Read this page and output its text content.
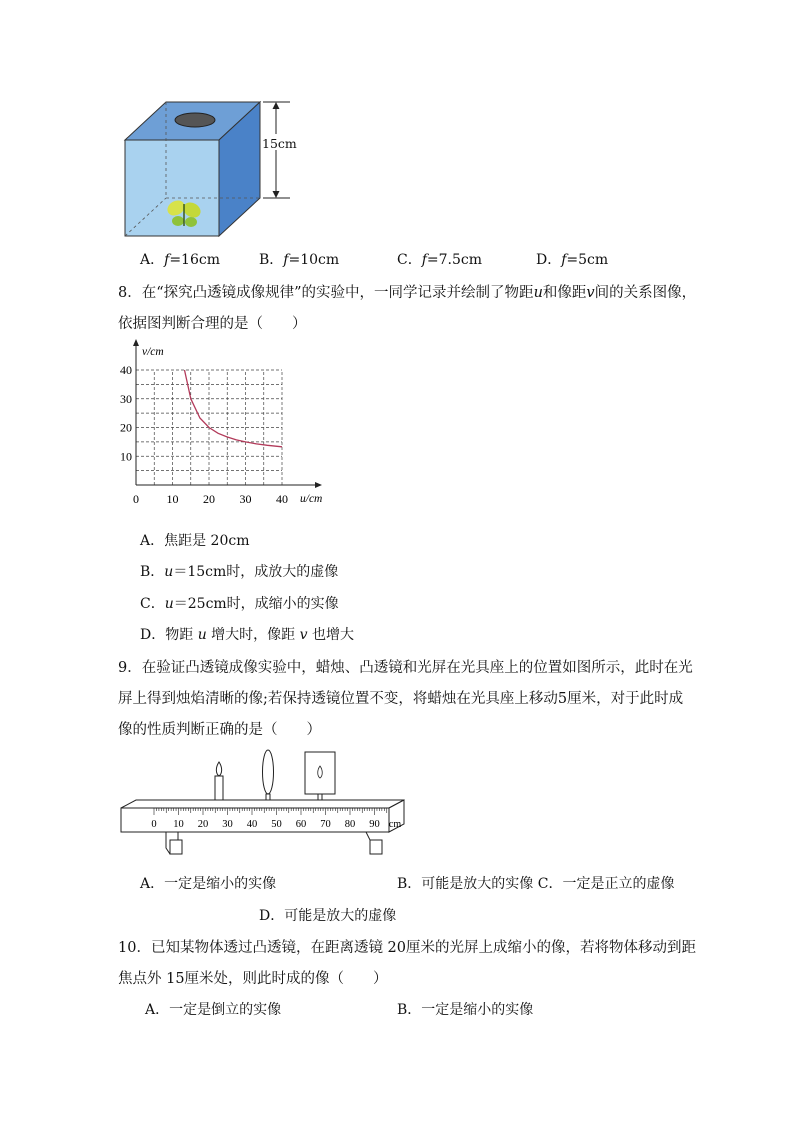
15cm
A．f=16cm	B．f=10cm	C．f=7.5cm	D．f=5cm
8．在“探究凸透镜成像规律”的实验中，一同学记录并绘制了物距u和像距v间的关系图像，
依据图判断合理的是（　　）
0 10 20 30 40
10
20
30
40
u/cm
v/cm
A．焦距是 20cm
B．u＝15cm时，成放大的虚像
C．u＝25cm时，成缩小的实像
D．物距 u 增大时，像距 v 也增大
9．在验证凸透镜成像实验中，蜡烛、凸透镜和光屏在光具座上的位置如图所示，此时在光
屏上得到烛焰清晰的像;若保持透镜位置不变，将蜡烛在光具座上移动5厘米，对于此时成
像的性质判断正确的是（　　）
0 10 20 30 40 50 60 70 80 90 cm
A．一定是缩小的实像	B．可能是放大的实像 C．一定是正立的虚像
D．可能是放大的虚像
10．已知某物体透过凸透镜，在距离透镜 20厘米的光屏上成缩小的像，若将物体移动到距
焦点外 15厘米处，则此时成的像（　　）
A．一定是倒立的实像	B．一定是缩小的实像
